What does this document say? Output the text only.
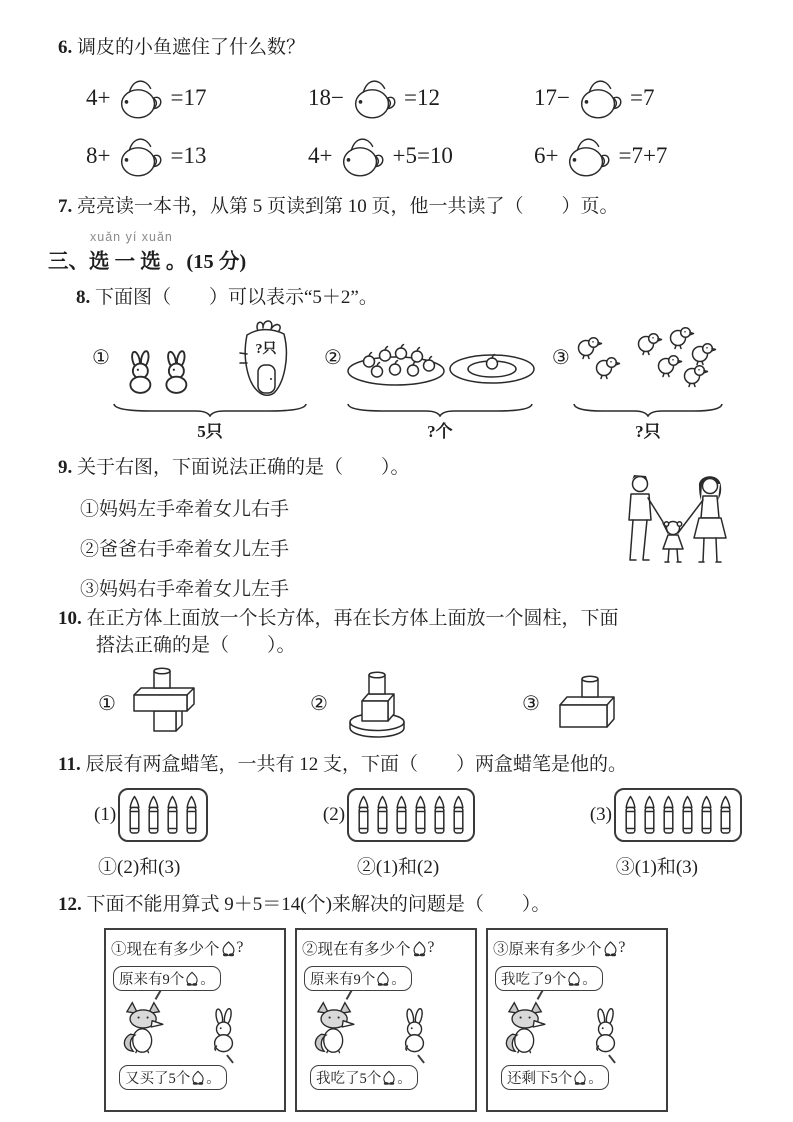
6. 调皮的小鱼遮住了什么数？
4+	=17	18−	=12	17−	=7
8+	=13	4+	+5=10	6+	=7+7
7. 亮亮读一本书，从第 5 页读到第 10 页，他一共读了（　　）页。
xuǎn yí xuǎn
三、选 一 选 。(15 分)
8. 下面图（　　）可以表示“5＋2”。
①	?只
5只
②
?个
③
?只
9. 关于右图，下面说法正确的是（　　）。
①妈妈左手牵着女儿右手
②爸爸右手牵着女儿左手
③妈妈右手牵着女儿左手
10. 在正方体上面放一个长方体，再在长方体上面放一个圆柱，下面
搭法正确的是（　　）。
①	②	③
11. 辰辰有两盒蜡笔，一共有 12 支，下面（　　）两盒蜡笔是他的。
(1)	(2)	(3)
①(2)和(3)	②(1)和(2)	③(1)和(3)
12. 下面不能用算式 9＋5＝14(个)来解决的问题是（　　）。
①现在有多少个 ?
原来有9个 。
又买了5个 。
②现在有多少个 ?
原来有9个 。
我吃了5个 。
③原来有多少个 ?
我吃了9个 。
还剩下5个 。
